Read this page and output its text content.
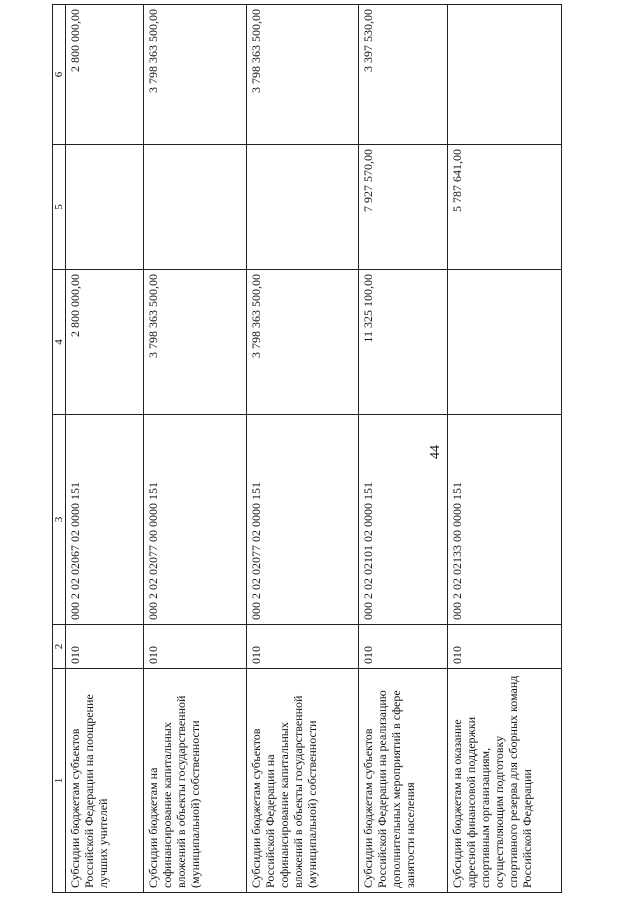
44
1	2	3	4	5	6
Субсидии бюджетам субъектов Российской Федерации на поощрение лучших учителей	010	000 2 02 02067 02 0000 151	2 800 000,00		2 800 000,00
Субсидии бюджетам на софинансирование капитальных вложений в объекты государственной (муниципальной) собственности	010	000 2 02 02077 00 0000 151	3 798 363 500,00		3 798 363 500,00
Субсидии бюджетам субъектов Российской Федерации на софинансирование капитальных вложений в объекты государственной (муниципальной) собственности	010	000 2 02 02077 02 0000 151	3 798 363 500,00		3 798 363 500,00
Субсидии бюджетам субъектов Российской Федерации на реализацию дополнительных мероприятий в сфере занятости населения	010	000 2 02 02101 02 0000 151	11 325 100,00	7 927 570,00	3 397 530,00
Субсидии бюджетам на оказание адресной финансовой поддержки спортивным организациям, осуществляющим подготовку спортивного резерва для сборных команд Российской Федерации	010	000 2 02 02133 00 0000 151		5 787 641,00	
